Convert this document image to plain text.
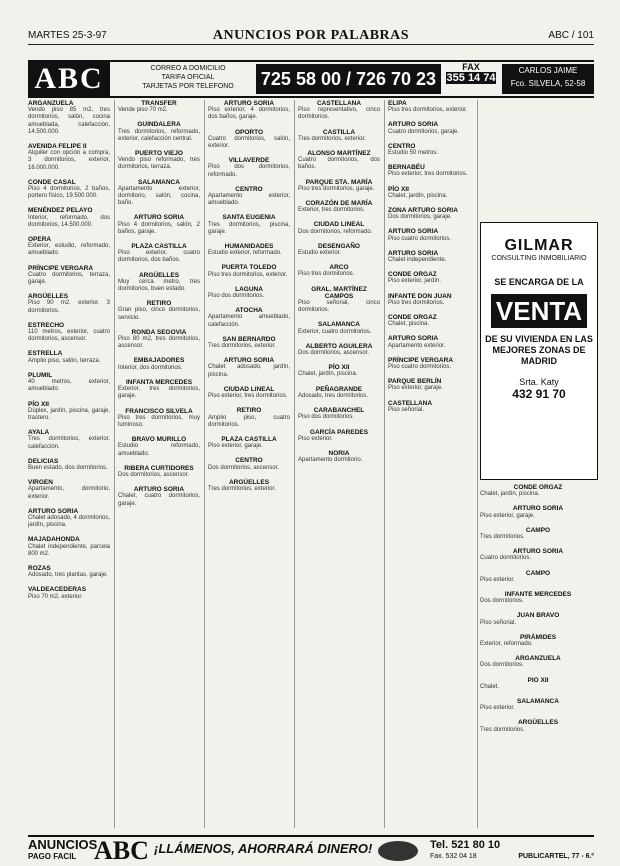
MARTES 25-3-97	ANUNCIOS POR PALABRAS	ABC / 101
ABC	CORREO A DOMICILIO
TARIFA OFICIAL
TARJETAS POR TELEFONO	725 58 00 / 726 70 23
FAX
355 14 74
CARLOS JAIME
Fco. SILVELA, 52-58
ARGANZUELA
Vendo piso 85 m2, tres dormitorios, salón, cocina amueblada, calefacción, 14.500.000.
AVENIDA FELIPE II
Alquiler con opción a compra, 3 dormitorios, exterior, 16.000.000.
CONDE CASAL
Piso 4 dormitorios, 2 baños, portero físico, 19.500.000.
MENÉNDEZ PELAYO
Interior, reformado, dos dormitorios, 14.500.000.
OPERA
Exterior, estudio, reformado, amueblado.
PRÍNCIPE VERGARA
Cuatro dormitorios, terraza, garaje.
ARGÜELLES
Piso 90 m2, exterior, 3 dormitorios.
ESTRECHO
110 metros, exterior, cuatro dormitorios, ascensor.
ESTRELLA
Amplio piso, salón, terraza.
PLUMIL
40 metros, exterior, amueblado.
PÍO XII
Dúplex, jardín, piscina, garaje, trastero.
AYALA
Tres dormitorios, exterior, calefacción.
DELICIAS
Buen estado, dos dormitorios.
VIRGEN
Apartamento, dormitorio, exterior.
ARTURO SORIA
Chalet adosado, 4 dormitorios, jardín, piscina.
MAJADAHONDA
Chalet independiente, parcela 800 m2.
ROZAS
Adosado, tres plantas, garaje.
VALDEACEDERAS
Piso 70 m2, exterior.
TRANSFER
Vende piso 70 m2.
GUINDALERA
Tres dormitorios, reformado, exterior, calefacción central.
PUERTO VIEJO
Vendo piso reformado, tres dormitorios, terraza.
SALAMANCA
Apartamento exterior, dormitorio, salón, cocina, baño.
ARTURO SORIA
Piso 4 dormitorios, salón, 2 baños, garaje.
PLAZA CASTILLA
Piso exterior, cuatro dormitorios, dos baños.
ARGÜELLES
Muy cerca metro, tres dormitorios, buen estado.
RETIRO
Gran piso, cinco dormitorios, servicio.
RONDA SEGOVIA
Piso 80 m2, tres dormitorios, ascensor.
EMBAJADORES
Interior, dos dormitorios.
INFANTA MERCEDES
Exterior, tres dormitorios, garaje.
FRANCISCO SILVELA
Piso tres dormitorios, muy luminoso.
BRAVO MURILLO
Estudio reformado, amueblado.
RIBERA CURTIDORES
Dos dormitorios, ascensor.
ARTURO SORIA
Chalet, cuatro dormitorios, garaje.
ARTURO SORIA
Piso exterior, 4 dormitorios, dos baños, garaje.
OPORTO
Cuatro dormitorios, salón, exterior.
VILLAVERDE
Piso dos dormitorios, reformado.
CENTRO
Apartamento exterior, amueblado.
SANTA EUGENIA
Tres dormitorios, piscina, garaje.
HUMANIDADES
Estudio exterior, reformado.
PUERTA TOLEDO
Piso tres dormitorios, exterior.
LAGUNA
Piso dos dormitorios.
ATOCHA
Apartamento amueblado, calefacción.
SAN BERNARDO
Tres dormitorios, exterior.
ARTURO SORIA
Chalet adosado, jardín, piscina.
CIUDAD LINEAL
Piso exterior, tres dormitorios.
RETIRO
Amplio piso, cuatro dormitorios.
PLAZA CASTILLA
Piso exterior, garaje.
CENTRO
Dos dormitorios, ascensor.
ARGÜELLES
Tres dormitorios, exterior.
CASTELLANA
Piso representativo, cinco dormitorios.
CASTILLA
Tres dormitorios, exterior.
ALONSO MARTÍNEZ
Cuatro dormitorios, dos baños.
PARQUE STA. MARÍA
Piso tres dormitorios, garaje.
CORAZÓN DE MARÍA
Exterior, tres dormitorios.
CIUDAD LINEAL
Dos dormitorios, reformado.
DESENGAÑO
Estudio exterior.
ARCO
Piso tres dormitorios.
GRAL. MARTÍNEZ CAMPOS
Piso señorial, cinco dormitorios.
SALAMANCA
Exterior, cuatro dormitorios.
ALBERTO AGUILERA
Dos dormitorios, ascensor.
PÍO XII
Chalet, jardín, piscina.
PEÑAGRANDE
Adosado, tres dormitorios.
CARABANCHEL
Piso dos dormitorios.
GARCÍA PAREDES
Piso exterior.
NORIA
Apartamento dormitorio.
ELIPA
Piso tres dormitorios, exterior.
ARTURO SORIA
Cuatro dormitorios, garaje.
CENTRO
Estudio 50 metros.
BERNABÉU
Piso exterior, tres dormitorios.
PÍO XII
Chalet, jardín, piscina.
ZONA ARTURO SORIA
Dos dormitorios, garaje.
ARTURO SORIA
Piso cuatro dormitorios.
ARTURO SORIA
Chalet independiente.
CONDE ORGAZ
Piso exterior, jardín.
INFANTE DON JUAN
Piso tres dormitorios.
CONDE ORGAZ
Chalet, piscina.
ARTURO SORIA
Apartamento exterior.
PRÍNCIPE VERGARA
Piso cuatro dormitorios.
PARQUE BERLÍN
Piso exterior, garaje.
CASTELLANA
Piso señorial.
CONDE ORGAZ
Chalet, jardín, piscina.
ARTURO SORIA
Piso exterior, garaje.
CAMPO
Tres dormitorios.
ARTURO SORIA
Cuatro dormitorios.
CAMPO
Piso exterior.
INFANTE MERCEDES
Dos dormitorios.
JUAN BRAVO
Piso señorial.
PIRÁMIDES
Exterior, reformado.
ARGANZUELA
Dos dormitorios.
PIO XII
Chalet.
SALAMANCA
Piso exterior.
ARGÜELLES
Tres dormitorios.
GILMAR
CONSULTING INMOBILIARIO
SE ENCARGA DE LA
VENTA
DE SU VIVIENDA EN LAS MEJORES ZONAS DE MADRID
Srta. Katy
432 91 70
ANUNCIOS
PAGO FACIL ABC ¡LLÁMENOS, AHORRARÁ DINERO!	Tel. 521 80 10
Fax. 532 04 18	PUBLICARTEL, 77 - 6.º
